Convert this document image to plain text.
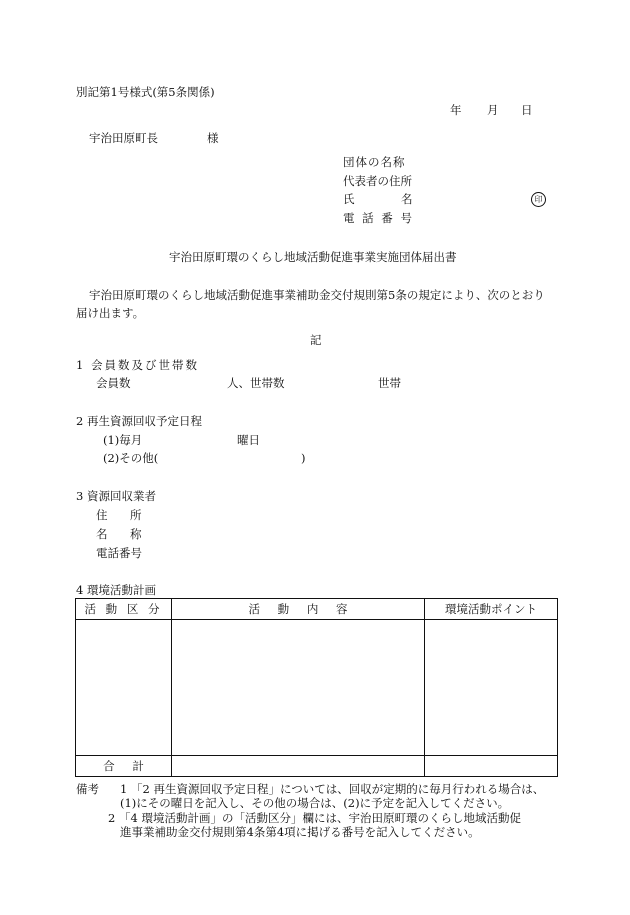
別記第1号様式(第5条関係)
年 月 日
宇治田原町長	様
団体の名称
代表者の住所
氏	名	印
電 話 番 号
宇治田原町環のくらし地域活動促進事業実施団体届出書
宇治田原町環のくらし地域活動促進事業補助金交付規則第5条の規定により、次のとおり
届け出ます。
記
1 会員数及び世帯数
会員数	人、世帯数	世帯
2 再生資源回収予定日程
(1)毎月	曜日
(2)その他(	)
3 資源回収業者
住 所
名 称
電話番号
4 環境活動計画
活 動 区 分	活 動 内 容	環境活動ポイント

合 計		
備考 1 「2 再生資源回収予定日程」については、回収が定期的に毎月行われる場合は、
(1)にその曜日を記入し、その他の場合は、(2)に予定を記入してください。
2 「4 環境活動計画」の「活動区分」欄には、宇治田原町環のくらし地域活動促
進事業補助金交付規則第4条第4項に掲げる番号を記入してください。
